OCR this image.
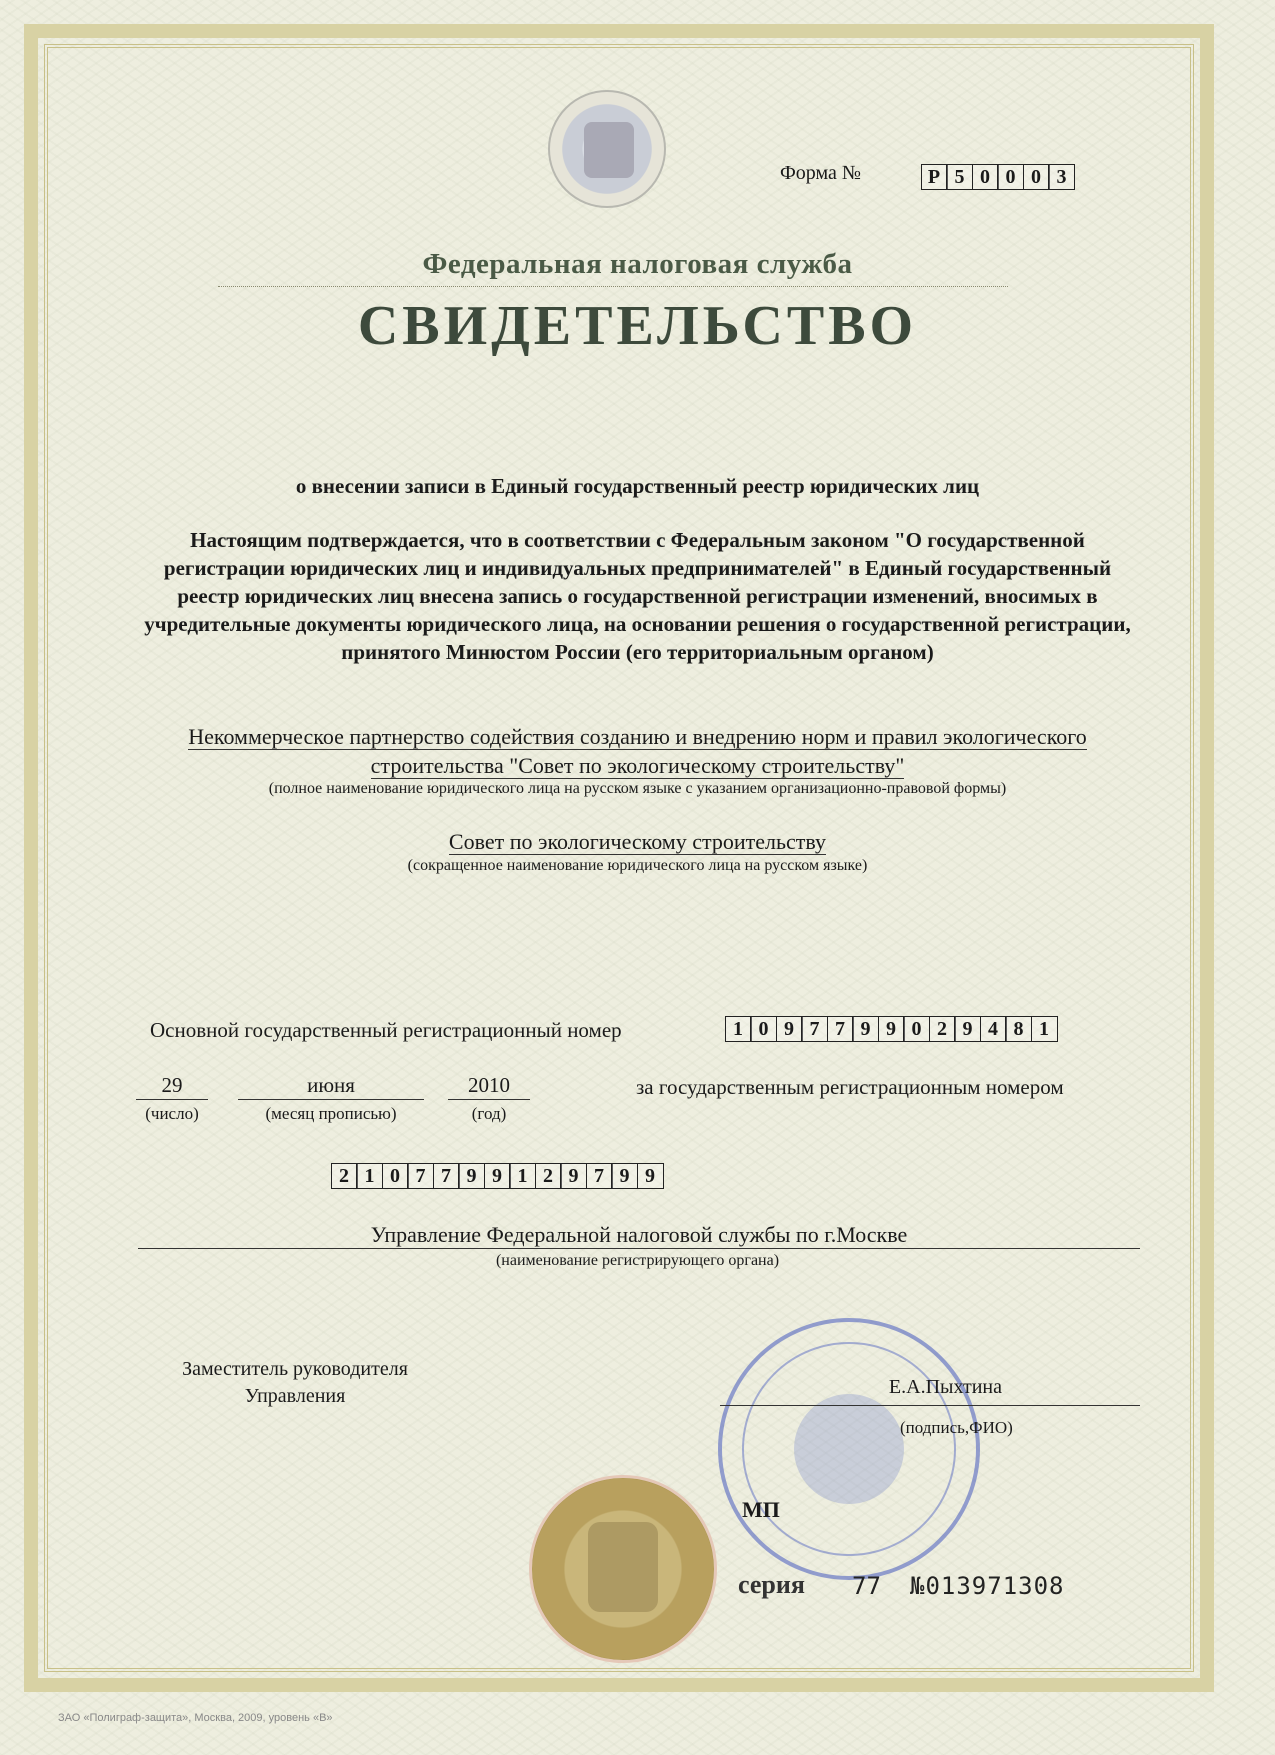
Форма №	Р 5 0 0 0 3
Федеральная налоговая служба
СВИДЕТЕЛЬСТВО
о внесении записи в Единый государственный реестр юридических лиц
Настоящим подтверждается, что в соответствии с Федеральным законом "О государственной регистрации юридических лиц и индивидуальных предпринимателей" в Единый государственный реестр юридических лиц внесена запись о государственной регистрации изменений, вносимых в учредительные документы юридического лица, на основании решения о государственной регистрации, принятого Минюстом России (его территориальным органом)
Некоммерческое партнерство содействия созданию и внедрению норм и правил экологического строительства "Совет по экологическому строительству"
(полное наименование юридического лица на русском языке с указанием организационно-правовой формы)
Совет по экологическому строительству
(сокращенное наименование юридического лица на русском языке)
Основной государственный регистрационный номер	1 0 9 7 7 9 9 0 2 9 4 8 1
29
(число)
июня
(месяц прописью)
2010
(год)
за государственным регистрационным номером
2 1 0 7 7 9 9 1 2 9 7 9 9
Управление Федеральной налоговой службы по г.Москве
(наименование регистрирующего органа)
Заместитель руководителя
Управления	Е.А.Пыхтина
(подпись,ФИО)
МП
серия 77 №013971308
ЗАО «Полиграф-защита», Москва, 2009, уровень «В»
